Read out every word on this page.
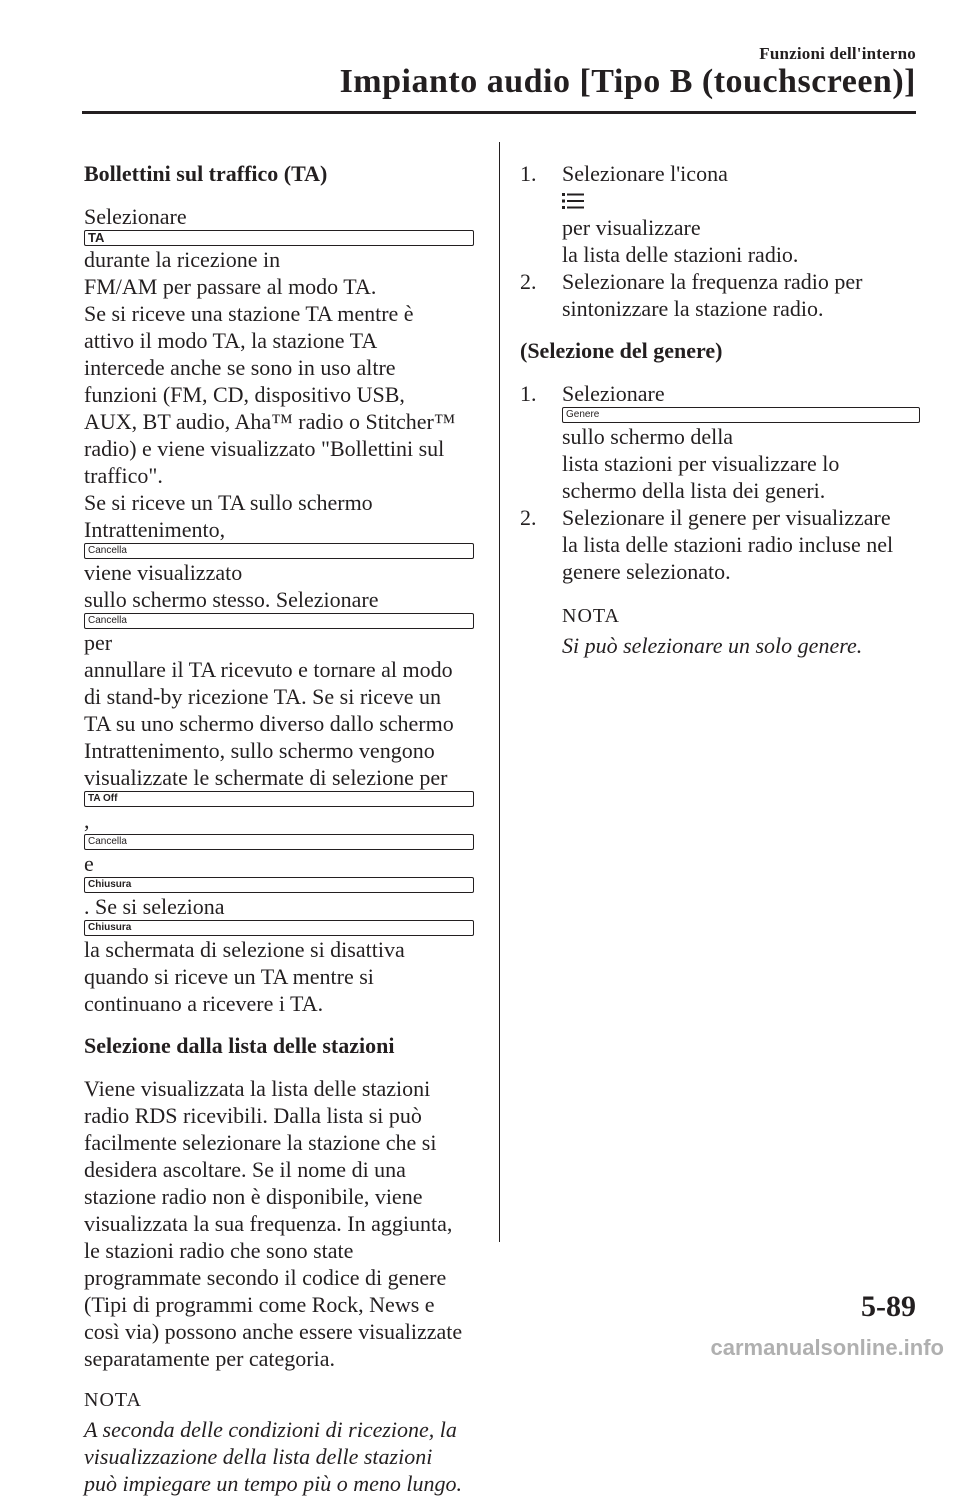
Funzioni dell'interno
Impianto audio [Tipo B (touchscreen)]
Bollettini sul traffico (TA)
Selezionare
TA
durante la ricezione in
FM/AM per passare al modo TA.
Se si riceve una stazione TA mentre è
attivo il modo TA, la stazione TA
intercede anche se sono in uso altre
funzioni (FM, CD, dispositivo USB,
AUX, BT audio, Aha™ radio o Stitcher™
radio) e viene visualizzato "Bollettini sul
traffico".
Se si riceve un TA sullo schermo
Intrattenimento,
Cancella
viene visualizzato
sullo schermo stesso. Selezionare
Cancella
per
annullare il TA ricevuto e tornare al modo
di stand-by ricezione TA. Se si riceve un
TA su uno schermo diverso dallo schermo
Intrattenimento, sullo schermo vengono
visualizzate le schermate di selezione per
TA Off
,
Cancella
e
Chiusura
. Se si seleziona
Chiusura
la schermata di selezione si disattiva
quando si riceve un TA mentre si
continuano a ricevere i TA.
Selezione dalla lista delle stazioni
Viene visualizzata la lista delle stazioni
radio RDS ricevibili. Dalla lista si può
facilmente selezionare la stazione che si
desidera ascoltare. Se il nome di una
stazione radio non è disponibile, viene
visualizzata la sua frequenza. In aggiunta,
le stazioni radio che sono state
programmate secondo il codice di genere
(Tipi di programmi come Rock, News e
così via) possono anche essere visualizzate
separatamente per categoria.
NOTA
A seconda delle condizioni di ricezione, la
visualizzazione della lista delle stazioni
può impiegare un tempo più o meno lungo.
1. Selezionare l'icona
per visualizzare
la lista delle stazioni radio.
2. Selezionare la frequenza radio per
sintonizzare la stazione radio.
(Selezione del genere)
1. Selezionare
Genere
sullo schermo della
lista stazioni per visualizzare lo
schermo della lista dei generi.
2. Selezionare il genere per visualizzare
la lista delle stazioni radio incluse nel
genere selezionato.
NOTA
Si può selezionare un solo genere.
5-89
carmanualsonline.info
